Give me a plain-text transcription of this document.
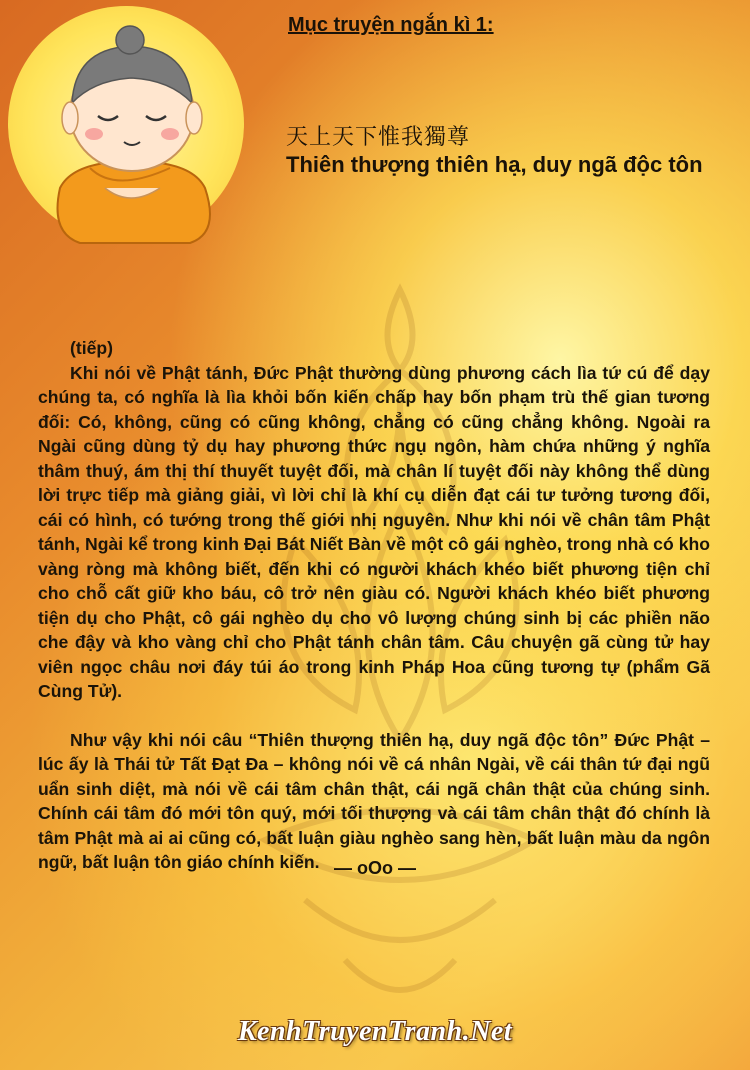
Mục truyện ngắn kì 1:
天上天下惟我獨尊
Thiên thượng thiên hạ, duy ngã độc tôn

(tiếp)

Khi nói về Phật tánh, Đức Phật thường dùng phương cách lìa tứ cú để dạy chúng ta, có nghĩa là lìa khỏi bốn kiến chấp hay bốn phạm trù thế gian tương đối: Có, không, cũng có cũng không, chẳng có cũng chẳng không. Ngoài ra Ngài cũng dùng tỷ dụ hay phương thức ngụ ngôn, hàm chứa những ý nghĩa thâm thuý, ám thị thí thuyết tuyệt đối, mà chân lí tuyệt đối này không thể dùng lời trực tiếp mà giảng giải, vì lời chỉ là khí cụ diễn đạt cái tư tưởng tương đối, cái có hình, có tướng trong thế giới nhị nguyên. Như khi nói về chân tâm Phật tánh, Ngài kể trong kinh Đại Bát Niết Bàn về một cô gái nghèo, trong nhà có kho vàng ròng mà không biết, đến khi có người khách khéo biết phương tiện chỉ cho chỗ cất giữ kho báu, cô trở nên giàu có. Người khách khéo biết phương tiện dụ cho Phật, cô gái nghèo dụ cho vô lượng chúng sinh bị các phiền não che đậy và kho vàng chỉ cho Phật tánh chân tâm. Câu chuyện gã cùng tử hay viên ngọc châu nơi đáy túi áo trong kinh Pháp Hoa cũng tương tự (phẩm Gã Cùng Tử).

Như vậy khi nói câu “Thiên thượng thiên hạ, duy ngã độc tôn” Đức Phật – lúc ấy là Thái tử Tất Đạt Đa – không nói về cá nhân Ngài, về cái thân tứ đại ngũ uẩn sinh diệt, mà nói về cái tâm chân thật, cái ngã chân thật của chúng sinh. Chính cái tâm đó mới tôn quý, mới tối thượng và cái tâm chân thật đó chính là tâm Phật mà ai ai cũng có, bất luận giàu nghèo sang hèn, bất luận màu da ngôn ngữ, bất luận tôn giáo chính kiến. — oOo —
KenhTruyenTranh.Net
